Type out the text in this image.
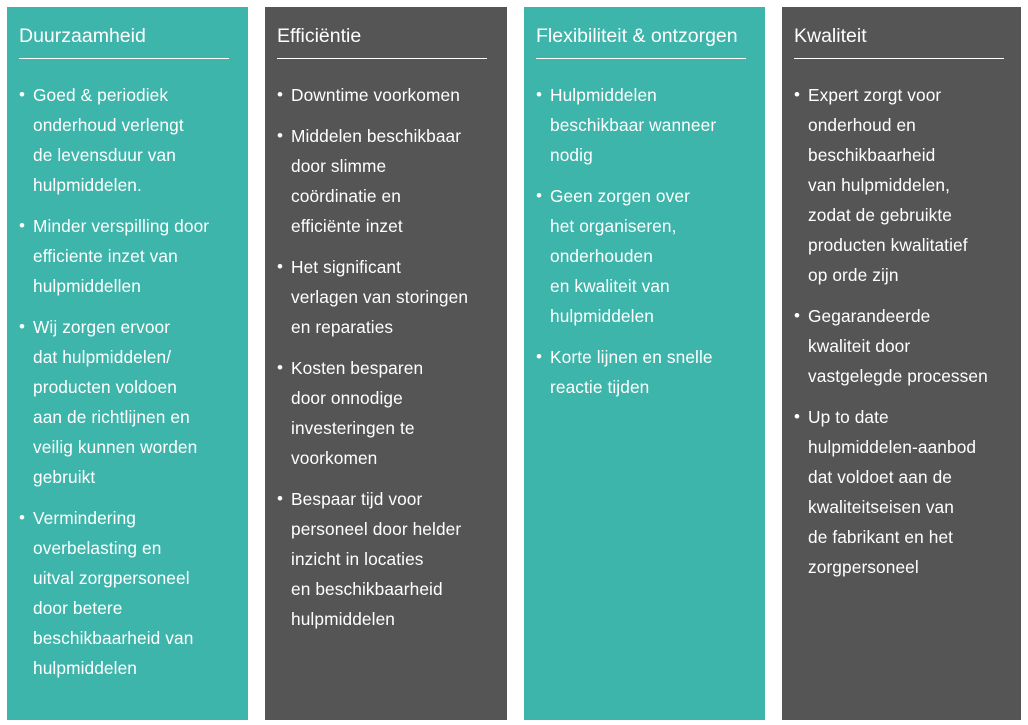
Duurzaamheid
• Goed & periodiek
onderhoud verlengt
de levensduur van
hulpmiddelen.
• Minder verspilling door
efficiente inzet van
hulpmiddellen
• Wij zorgen ervoor
dat hulpmiddelen/
producten voldoen
aan de richtlijnen en
veilig kunnen worden
gebruikt
• Vermindering
overbelasting en
uitval zorgpersoneel
door betere
beschikbaarheid van
hulpmiddelen
Efficiëntie
• Downtime voorkomen
• Middelen beschikbaar
door slimme
coördinatie en
efficiënte inzet
• Het significant
verlagen van storingen
en reparaties
• Kosten besparen
door onnodige
investeringen te
voorkomen
• Bespaar tijd voor
personeel door helder
inzicht in locaties
en beschikbaarheid
hulpmiddelen
Flexibiliteit & ontzorgen
• Hulpmiddelen
beschikbaar wanneer
nodig
• Geen zorgen over
het organiseren,
onderhouden
en kwaliteit van
hulpmiddelen
• Korte lijnen en snelle
reactie tijden
Kwaliteit
• Expert zorgt voor
onderhoud en
beschikbaarheid
van hulpmiddelen,
zodat de gebruikte
producten kwalitatief
op orde zijn
• Gegarandeerde
kwaliteit door
vastgelegde processen
• Up to date
hulpmiddelen-aanbod
dat voldoet aan de
kwaliteitseisen van
de fabrikant en het
zorgpersoneel
